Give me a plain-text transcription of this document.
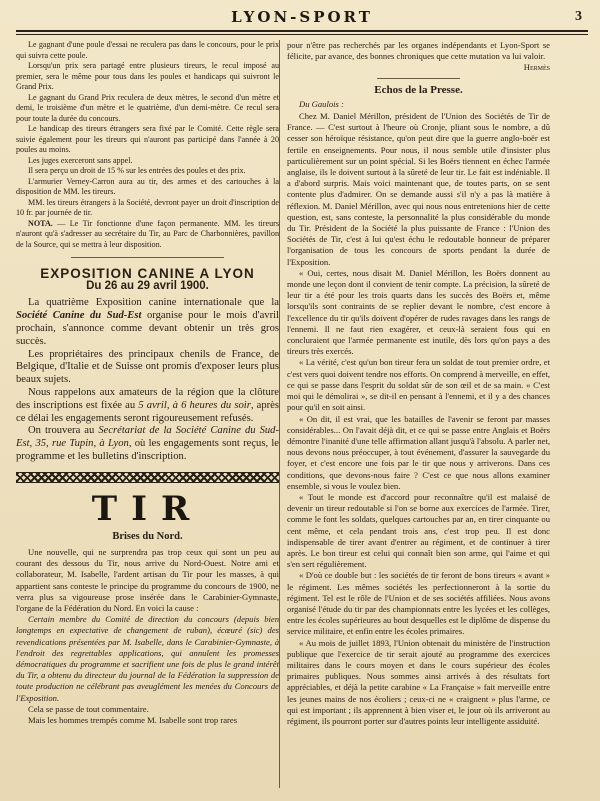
LYON-SPORT	3

Le gagnant d'une poule d'essai ne reculera pas dans le concours, pour le prix qui suivra cette poule.

Lorsqu'un prix sera partagé entre plusieurs tireurs, le recul imposé au premier, sera le même pour tous dans les poules et handicaps qui suivront le Grand Prix.

Le gagnant du Grand Prix reculera de deux mètres, le second d'un mètre et demi, le troisième d'un mètre et le quatrième, d'un demi-mètre. Ce recul sera pour toute la durée du concours.

Le handicap des tireurs étrangers sera fixé par le Comité. Cette règle sera suivie également pour les tireurs qui n'auront pas participé dans l'année à 20 poules au moins.

Les juges exerceront sans appel.

Il sera perçu un droit de 15 % sur les entrées des poules et des prix.

L'armurier Verney-Carron aura au tir, des armes et des cartouches à la disposition de MM. les tireurs.

MM. les tireurs étrangers à la Société, devront payer un droit d'inscription de 10 fr. par journée de tir.

NOTA. — Le Tir fonctionne d'une façon permanente. MM. les tireurs n'auront qu'à s'adresser au secrétaire du Tir, au Parc de Charbonnières, pavillon de la Source, qui se mettra à leur disposition.

EXPOSITION CANINE A LYON
Du 26 au 29 avril 1900.

La quatrième Exposition canine internationale que la Société Canine du Sud-Est organise pour le mois d'avril prochain, s'annonce comme devant obtenir un très gros succès.

Les propriétaires des principaux chenils de France, de Belgique, d'Italie et de Suisse ont promis d'exposer leurs plus beaux sujets.

Nous rappelons aux amateurs de la région que la clôture des inscriptions est fixée au 5 avril, à 6 heures du soir, après ce délai les engagements seront rigoureusement refusés.

On trouvera au Secrétariat de la Société Canine du Sud-Est, 35, rue Tupin, à Lyon, où les engagements sont reçus, le programme et les bulletins d'inscription.

TIR
Brises du Nord.

Une nouvelle, qui ne surprendra pas trop ceux qui sont un peu au courant des dessous du Tir, nous arrive du Nord-Ouest. Notre ami et collaborateur, M. Isabelle, l'ardent artisan du Tir pour les masses, à qui appartient sans conteste le principe du programme du concours de 1900, ne verra plus sa vigoureuse prose insérée dans le Carabinier-Gymnaste, l'organe de la Fédération du Nord. En voici la cause :

Certain membre du Comité de direction du concours (depuis bien longtemps en expectative de changement de ruban), écœuré (sic) des revendications présentées par M. Isabelle, dans le Carabinier-Gymnaste, à l'endroit des regrettables applications, qui annulent les promesses démocratiques du programme et sacrifient une fois de plus le grand intérêt du Tir, a obtenu du directeur du journal de la Fédération la suppression de toute production ne célébrant pas aveuglément les menées du Concours de l'Exposition.

Cela se passe de tout commentaire.

Mais les hommes trempés comme M. Isabelle sont trop rares

pour n'être pas recherchés par les organes indépendants et Lyon-Sport se félicite, par avance, des bonnes chroniques que cette mutation va lui valoir.

Hermès
Echos de la Presse.
Du Gaulois :

Chez M. Daniel Mérillon, président de l'Union des Sociétés de Tir de France. — C'est surtout à l'heure où Cronje, pliant sous le nombre, a dû cesser son héroïque résistance, qu'on peut dire que la guerre anglo-boër est fertile en enseignements. Pour nous, il nous semble utile d'insister plus particulièrement sur un point spécial. Si les Boërs tiennent en échec l'armée anglaise, ils le doivent surtout à la sûreté de leur tir. Le fait est indéniable. Il a d'abord surpris. Mais voici maintenant que, de toutes parts, on se sent contente plus d'admirer. On se demande aussi s'il n'y a pas là matière à réflexion. M. Daniel Mérillon, avec qui nous nous entretenions hier de cette question, est, sans conteste, la personnalité la plus considérable du monde du Tir. Président de la Société la plus puissante de France : l'Union des Sociétés de Tir, c'est à lui qu'est échu le redoutable honneur de préparer l'organisation de tous les concours de sports pendant la durée de l'Exposition.

« Oui, certes, nous disait M. Daniel Mérillon, les Boërs donnent au monde une leçon dont il convient de tenir compte. La précision, la sûreté de leur tir a été pour les trois quarts dans les succès des Boërs et, même lorsqu'ils sont contraints de se replier devant le nombre, c'est encore à l'excellence du tir qu'ils doivent d'opérer de rudes ravages dans les rangs de l'ennemi. Il ne faut rien exagérer, et ceux-là seraient fous qui en concluraient que l'armée permanente est inutile, dès lors qu'on pays a des tireurs très exercés.

« La vérité, c'est qu'un bon tireur fera un soldat de tout premier ordre, et c'est vers quoi doivent tendre nos efforts. On comprend à merveille, en effet, ce qui se passe dans l'esprit du soldat sûr de son œil et de sa main. « C'est moi qui le démolirai », se dit-il en pensant à l'ennemi, et il y a des chances pour qu'il en soit ainsi.

« On dit, il est vrai, que les batailles de l'avenir se feront par masses considérables... On l'avait déjà dit, et ce qui se passe entre Anglais et Boërs démontre l'inanité d'une telle affirmation allant jusqu'à l'absolu. A parler net, nous devons nous préoccuper, à tout événement, d'assurer la sauvegarde du foyer, et c'est encore une fois par le tir que nous y arriverons. Dans ces conditions, que devons-nous faire ? C'est ce que nous allons examiner ensemble, si vous le voulez bien.

« Tout le monde est d'accord pour reconnaître qu'il est malaisé de devenir un tireur redoutable si l'on se borne aux exercices de l'armée. Tirer, comme le font les soldats, quelques cartouches par an, en tirer cinquante ou cent même, et cela pendant trois ans, c'est trop peu. Il est donc indispensable de tirer avant d'entrer au régiment, et de continuer à tirer après. Le bon tireur est celui qui connaît bien son arme, qui l'aime et qui s'en sert régulièrement.

« D'où ce double but : les sociétés de tir feront de bons tireurs « avant » le régiment. Les mêmes sociétés les perfectionneront à la sortie du régiment. Tel est le rôle de l'Union et de ses sociétés affiliées. Nous avons organisé l'étude du tir par des championnats entre les lycées et les collèges, entre les écoles supérieures au bout desquelles est le diplôme de dispense du service militaire, et enfin entre les écoles primaires.

« Au mois de juillet 1893, l'Union obtenait du ministère de l'instruction publique que l'exercice de tir serait ajouté au programme des exercices militaires dans le cours moyen et dans le cours supérieur des écoles primaires publiques. Nous sommes ainsi arrivés à des résultats fort appréciables, et déjà la petite carabine « La Française » fait merveille entre les jeunes mains de nos écoliers ; ceux-ci ne « craignent » plus l'arme, ce qui est important ; ils apprennent à bien viser et, le jour où ils arriveront au régiment, ils pourront porter sur d'autres points leur intelligente assiduité.
